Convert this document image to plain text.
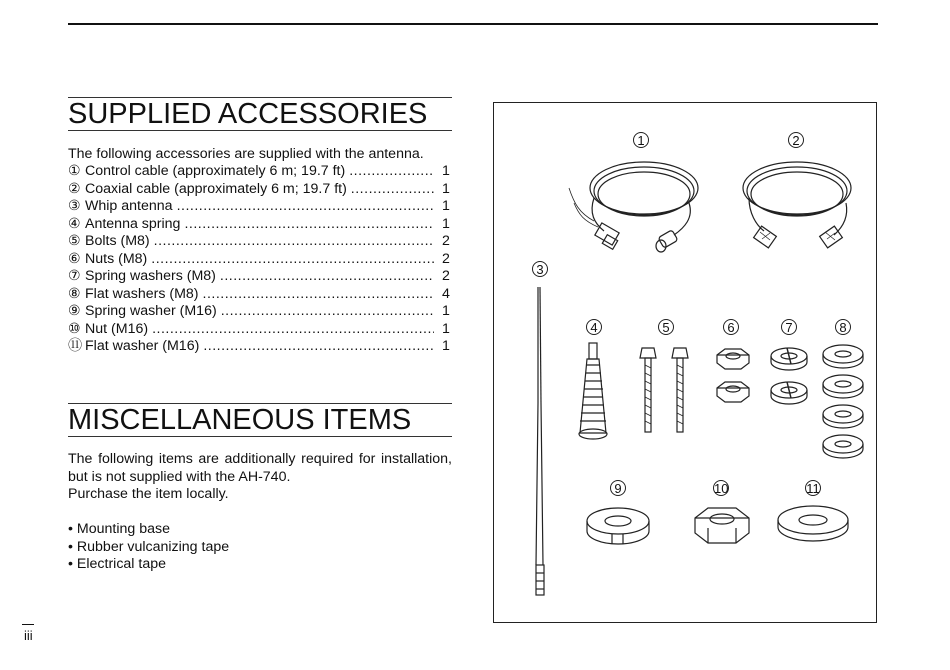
SUPPLIED ACCESSORIES
The following accessories are supplied with the antenna.
① Control cable (approximately 6 m; 19.7 ft) .....	1
② Coaxial cable (approximately 6 m; 19.7 ft) .....	1
③ Whip antenna .....	1
④ Antenna spring .....	1
⑤ Bolts (M8) .....	2
⑥ Nuts (M8) .....	2
⑦ Spring washers (M8) .....	2
⑧ Flat washers (M8) .....	4
⑨ Spring washer (M16) .....	1
⑩ Nut (M16) .....	1
⑪ Flat washer (M16) .....	1
MISCELLANEOUS ITEMS

The following items are additionally required for installation, but is not supplied with the AH-740.

Purchase the item locally.

• Mounting base
• Rubber vulcanizing tape
• Electrical tape
iii
1	2
3
4	5	6	7	8
9	10	11
